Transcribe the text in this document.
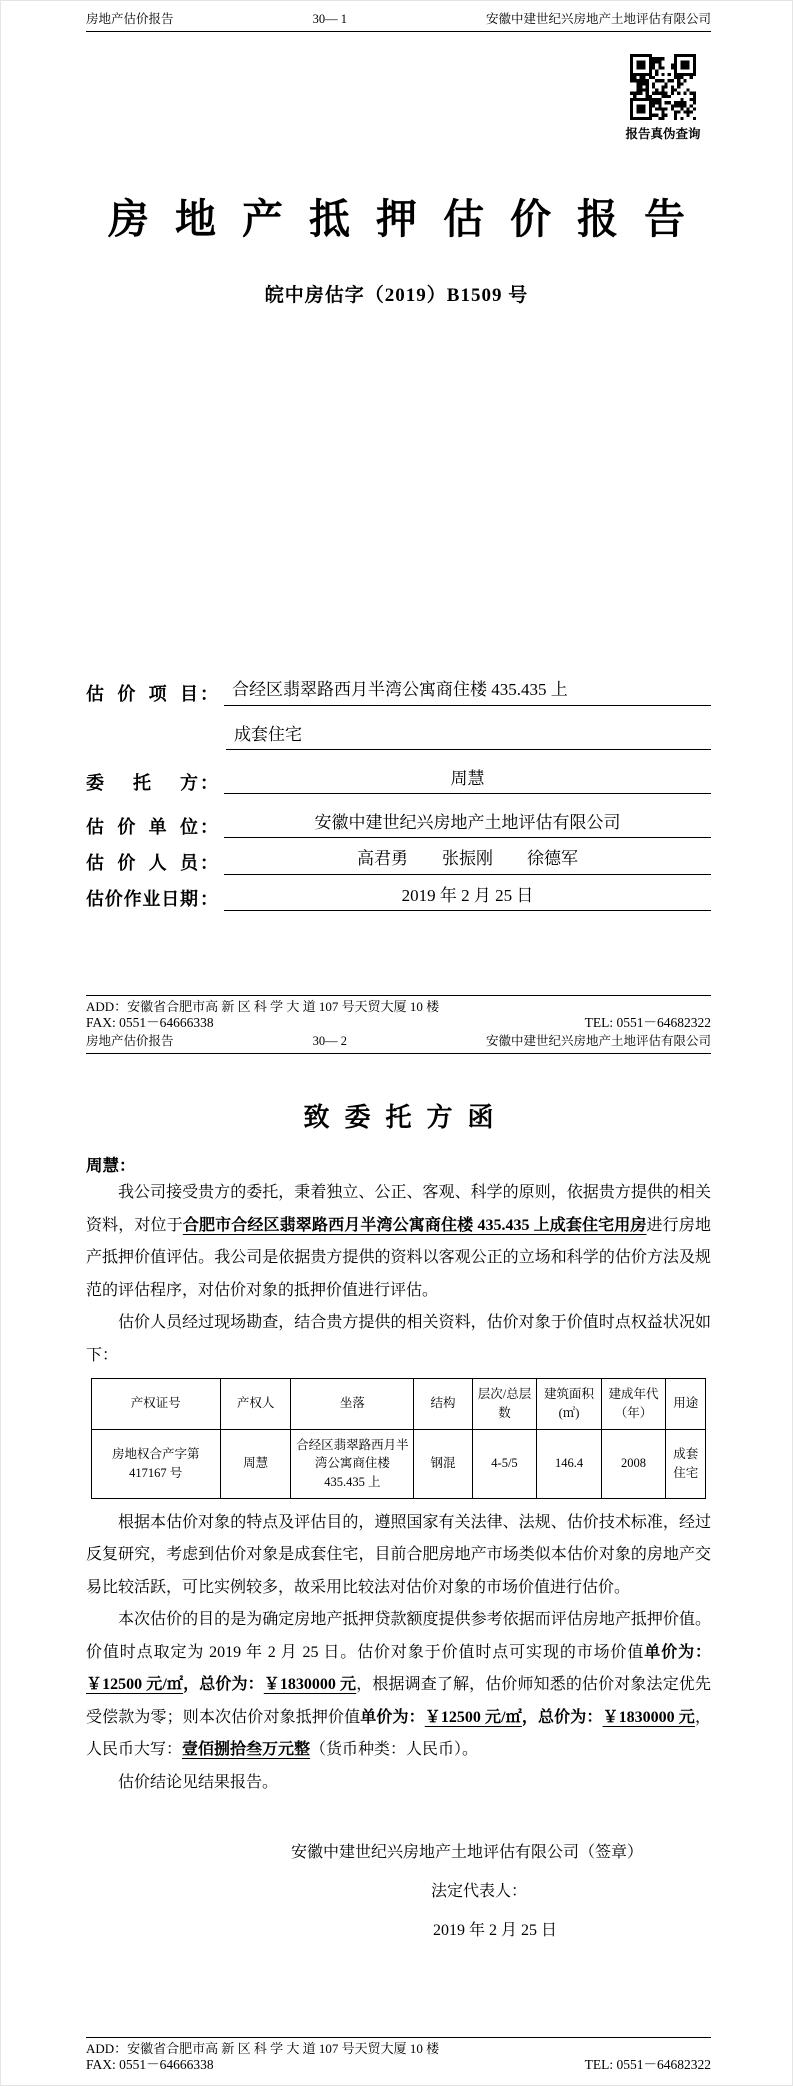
房地产估价报告	30— 1	安徽中建世纪兴房地产土地评估有限公司
报告真伪查询
房地产抵押估价报告
皖中房估字（2019）B1509 号
估价项目 ： 合经区翡翠路西月半湾公寓商住楼 435.435 上
成套住宅
委托方 ：	周慧
估价单位 ：	安徽中建世纪兴房地产土地评估有限公司
估价人员 ：	高君勇　　张振刚　　徐德军
估价作业日期 ：	2019 年 2 月 25 日
ADD：安徽省合肥市高 新 区 科 学 大 道 107 号天贸大厦 10 楼
FAX: 0551－64666338	TEL: 0551－64682322
房地产估价报告	30— 2	安徽中建世纪兴房地产土地评估有限公司
致委托方函
周慧：

我公司接受贵方的委托，秉着独立、公正、客观、科学的原则，依据贵方提供的相关资料，对位于合肥市合经区翡翠路西月半湾公寓商住楼 435.435 上成套住宅用房进行房地产抵押价值评估。我公司是依据贵方提供的资料以客观公正的立场和科学的估价方法及规范的评估程序，对估价对象的抵押价值进行评估。

估价人员经过现场勘查，结合贵方提供的相关资料，估价对象于价值时点权益状况如下：

产权证号	产权人	坐落	结构	层次/总层数	建筑面积(㎡)	建成年代（年）	用途
房地权合产字第 417167 号	周慧	合经区翡翠路西月半湾公寓商住楼 435.435 上	钢混	4-5/5	146.4	2008	成套住宅

根据本估价对象的特点及评估目的，遵照国家有关法律、法规、估价技术标准，经过反复研究，考虑到估价对象是成套住宅，目前合肥房地产市场类似本估价对象的房地产交易比较活跃，可比实例较多，故采用比较法对估价对象的市场价值进行估价。

本次估价的目的是为确定房地产抵押贷款额度提供参考依据而评估房地产抵押价值。价值时点取定为 2019 年 2 月 25 日。估价对象于价值时点可实现的市场价值单价为：￥12500 元/㎡，总价为：￥1830000 元，根据调查了解，估价师知悉的估价对象法定优先受偿款为零；则本次估价对象抵押价值单价为：￥12500 元/㎡，总价为：￥1830000 元，人民币大写：壹佰捌拾叁万元整（货币种类：人民币）。

估价结论见结果报告。

安徽中建世纪兴房地产土地评估有限公司（签章）
法定代表人：
2019 年 2 月 25 日
ADD：安徽省合肥市高 新 区 科 学 大 道 107 号天贸大厦 10 楼
FAX: 0551－64666338	TEL: 0551－64682322
